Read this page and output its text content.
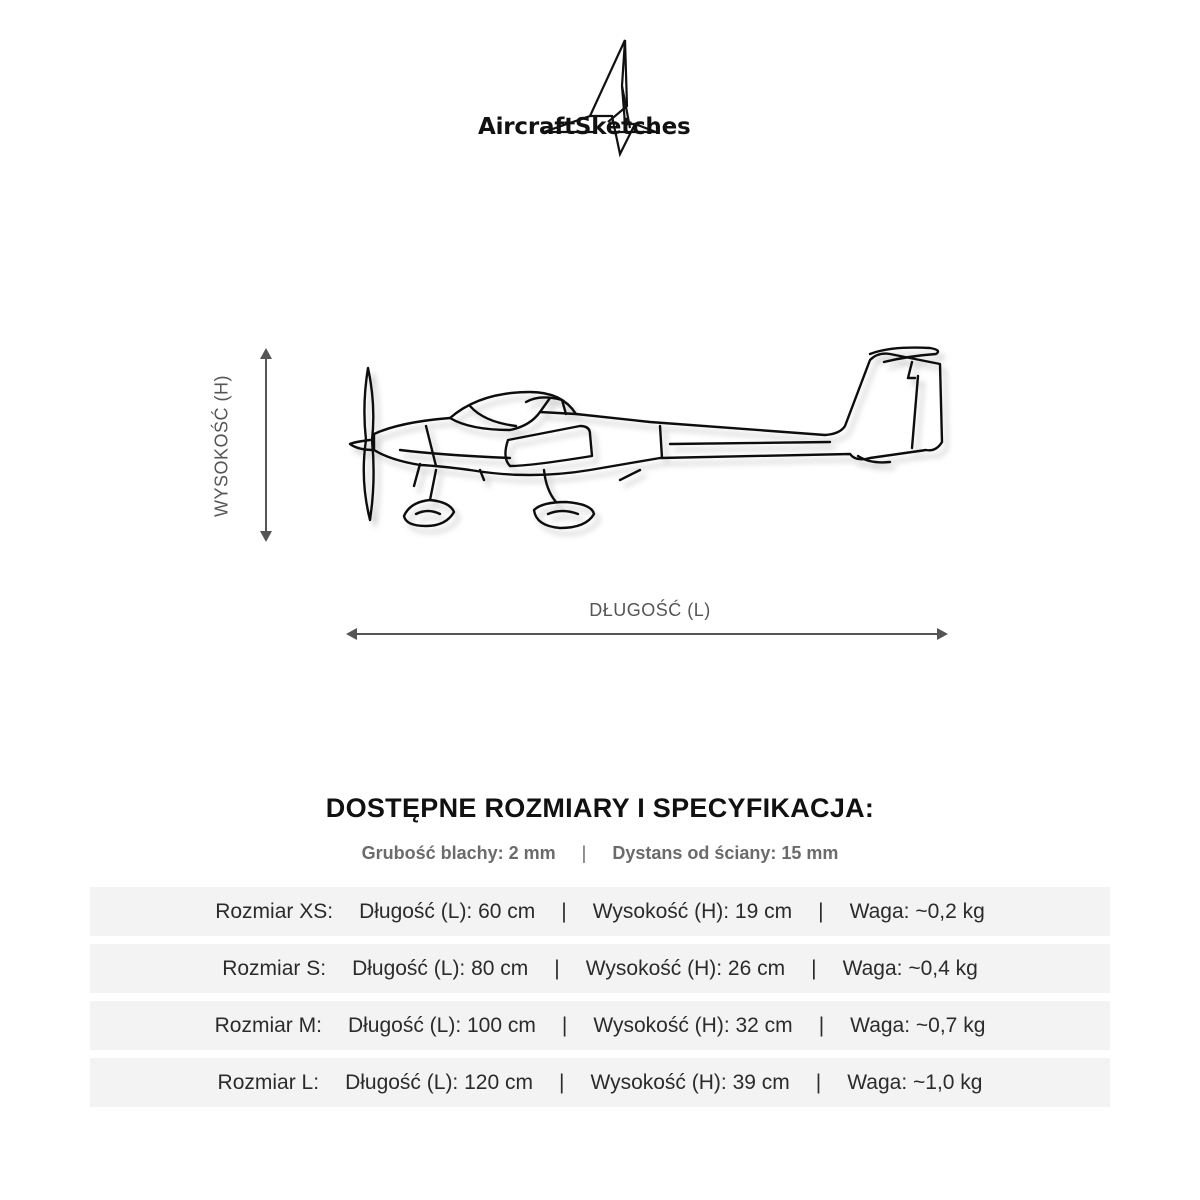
AircraftSketches
WYSOKOŚĆ (H)
DŁUGOŚĆ (L)
DOSTĘPNE ROZMIARY I SPECYFIKACJA:
Grubość blachy: 2 mm | Dystans od ściany: 15 mm
Rozmiar XS: Długość (L): 60 cm | Wysokość (H): 19 cm | Waga: ~0,2 kg
Rozmiar S: Długość (L): 80 cm | Wysokość (H): 26 cm | Waga: ~0,4 kg
Rozmiar M: Długość (L): 100 cm | Wysokość (H): 32 cm | Waga: ~0,7 kg
Rozmiar L: Długość (L): 120 cm | Wysokość (H): 39 cm | Waga: ~1,0 kg
